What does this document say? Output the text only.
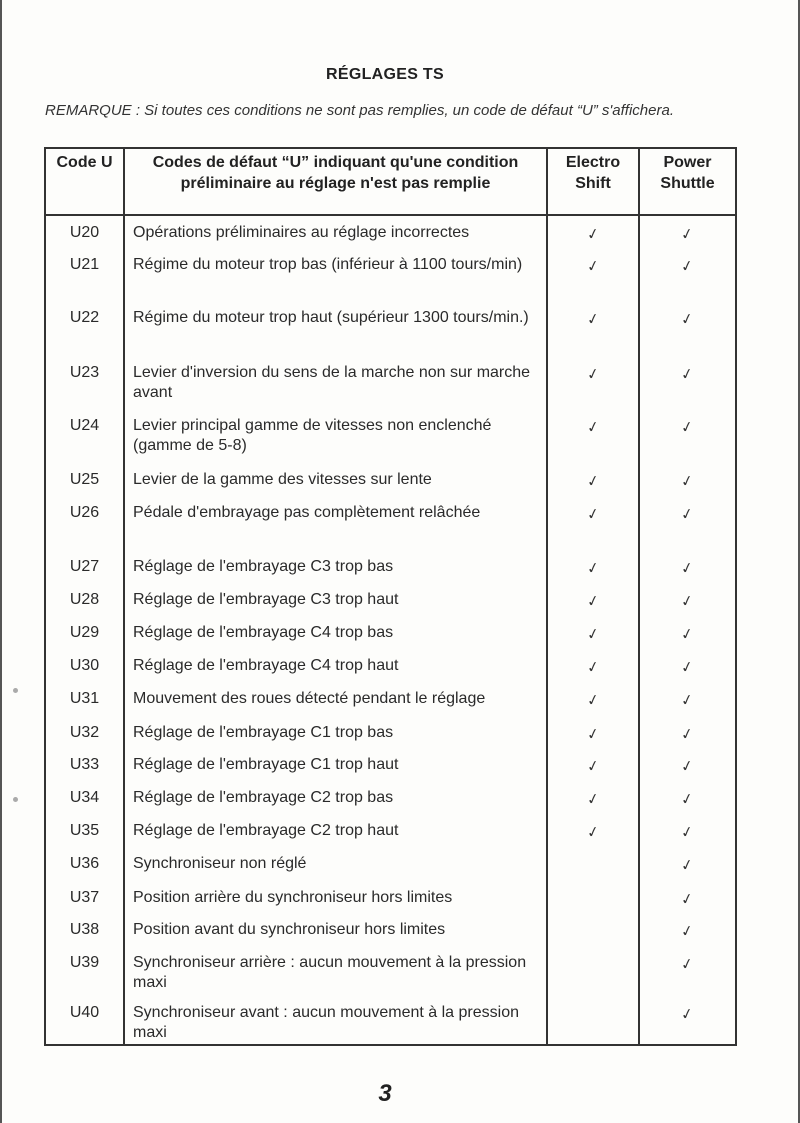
RÉGLAGES TS
REMARQUE : Si toutes ces conditions ne sont pas remplies, un code de défaut “U” s'affichera.
Code U	Codes de défaut “U” indiquant qu'une condition préliminaire au réglage n'est pas remplie	Electro Shift	Power Shuttle
U20	Opérations préliminaires au réglage incorrectes	✓	✓
U21	Régime du moteur trop bas (inférieur à 1100 tours/min)	✓	✓
U22	Régime du moteur trop haut (supérieur 1300 tours/min.)	✓	✓
U23	Levier d'inversion du sens de la marche non sur marche avant	✓	✓
U24	Levier principal gamme de vitesses non enclenché (gamme de 5-8)	✓	✓
U25	Levier de la gamme des vitesses sur lente	✓	✓
U26	Pédale d'embrayage pas complètement relâchée	✓	✓
U27	Réglage de l'embrayage C3 trop bas	✓	✓
U28	Réglage de l'embrayage C3 trop haut	✓	✓
U29	Réglage de l'embrayage C4 trop bas	✓	✓
U30	Réglage de l'embrayage C4 trop haut	✓	✓
U31	Mouvement des roues détecté pendant le réglage	✓	✓
U32	Réglage de l'embrayage C1 trop bas	✓	✓
U33	Réglage de l'embrayage C1 trop haut	✓	✓
U34	Réglage de l'embrayage C2 trop bas	✓	✓
U35	Réglage de l'embrayage C2 trop haut	✓	✓
U36	Synchroniseur non réglé		✓
U37	Position arrière du synchroniseur hors limites		✓
U38	Position avant du synchroniseur hors limites		✓
U39	Synchroniseur arrière : aucun mouvement à la pression maxi		✓
U40	Synchroniseur avant : aucun mouvement à la pression maxi		✓
3
